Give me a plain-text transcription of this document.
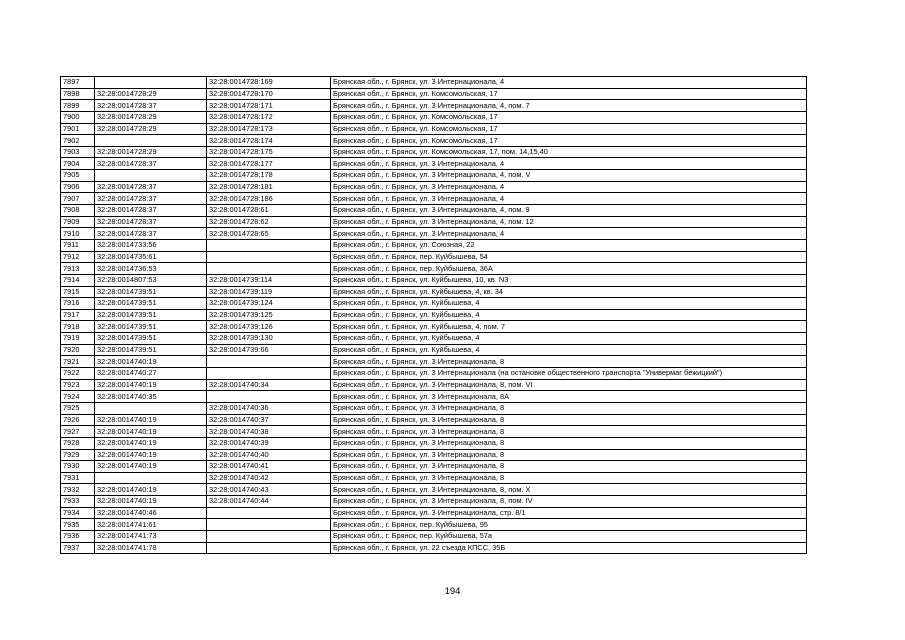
7897		32:28:0014728:169	Брянская обл., г. Брянск, ул. 3 Интернационала, 4
7898	32:28:0014728:29	32:28:0014728:170	Брянская обл., г. Брянск, ул. Комсомольская, 17
7899	32:28:0014728:37	32:28:0014728:171	Брянская обл., г. Брянск, ул. 3 Интернационала, 4, пом. 7
7900	32:28:0014728:29	32:28:0014728:172	Брянская обл., г. Брянск, ул. Комсомольская, 17
7901	32:28:0014728:29	32:28:0014728:173	Брянская обл., г. Брянск, ул. Комсомольская, 17
7902		32:28:0014728:174	Брянская обл., г. Брянск, ул. Комсомольская, 17
7903	32:28:0014728:29	32:28:0014728:175	Брянская обл., г. Брянск, ул. Комсомольская, 17, пом. 14,15,40
7904	32:28:0014728:37	32:28:0014728:177	Брянская обл., г. Брянск, ул. 3 Интернационала, 4
7905		32:28:0014728:178	Брянская обл., г. Брянск, ул. 3 Интернационала, 4, пом. V
7906	32:28:0014728:37	32:28:0014728:181	Брянская обл., г. Брянск, ул. 3 Интернационала, 4
7907	32:28:0014728:37	32:28:0014728:186	Брянская обл., г. Брянск, ул. 3 Интернационала, 4
7908	32:28:0014728:37	32:28:0014728:61	Брянская обл., г. Брянск, ул. 3 Интернационала, 4, пом. 9
7909	32:28:0014728:37	32:28:0014728:62	Брянская обл., г. Брянск, ул. 3 Интернационала, 4, пом. 12
7910	32:28:0014728:37	32:28:0014728:65	Брянская обл., г. Брянск, ул. 3 Интернационала, 4
7911	32:28:0014733:56		Брянская обл., г. Брянск, ул. Союзная, 22
7912	32:28:0014735:61		Брянская обл., г. Брянск, пер. Куйбышева, 54
7913	32:28:0014736:53		Брянская обл., г. Брянск, пер. Куйбышева, 36А
7914	32:28:0014807:53	32:28:0014739:114	Брянская обл., г. Брянск, ул. Куйбышева, 10, кв. N3
7915	32:28:0014739:51	32:28:0014739:119	Брянская обл., г. Брянск, ул. Куйбышева, 4, кв. 34
7916	32:28:0014739:51	32:28:0014739:124	Брянская обл., г. Брянск, ул. Куйбышева, 4
7917	32:28:0014739:51	32:28:0014739:125	Брянская обл., г. Брянск, ул. Куйбышева, 4
7918	32:28:0014739:51	32:28:0014739:126	Брянская обл., г. Брянск, ул. Куйбышева, 4, пом. 7
7919	32:28:0014739:51	32:28:0014739:130	Брянская обл., г. Брянск, ул. Куйбышева, 4
7920	32:28:0014739:51	32:28:0014739:66	Брянская обл., г. Брянск, ул. Куйбышева, 4
7921	32:28:0014740:19		Брянская обл., г. Брянск, ул. 3 Интернационала, 8
7922	32:28:0014740:27		Брянская обл., г. Брянск, ул. 3 Интернационала (на остановке общественного транспорта "Универмаг бежицкий")
7923	32:28:0014740:19	32:28:0014740:34	Брянская обл., г. Брянск, ул. 3 Интернационала, 8, пом. VI
7924	32:28:0014740:35		Брянская обл., г. Брянск, ул. 3 Интернационала, 8А
7925		32:28:0014740:36	Брянская обл., г. Брянск, ул. 3 Интернационала, 8
7926	32:28:0014740:19	32:28:0014740:37	Брянская обл., г. Брянск, ул. 3 Интернационала, 8
7927	32:28:0014740:19	32:28:0014740:38	Брянская обл., г. Брянск, ул. 3 Интернационала, 8
7928	32:28:0014740:19	32:28:0014740:39	Брянская обл., г. Брянск, ул. 3 Интернационала, 8
7929	32:28:0014740:19	32:28:0014740:40	Брянская обл., г. Брянск, ул. 3 Интернационала, 8
7930	32:28:0014740:19	32:28:0014740:41	Брянская обл., г. Брянск, ул. 3 Интернационала, 8
7931		32:28:0014740:42	Брянская обл., г. Брянск, ул. 3 Интернационала, 8
7932	32:28:0014740:19	32:28:0014740:43	Брянская обл., г. Брянск, ул. 3 Интернационала, 8, пом. X
7933	32:28:0014740:19	32:28:0014740:44	Брянская обл., г. Брянск, ул. 3 Интернационала, 8, пом. IV
7934	32:28:0014740:46		Брянская обл., г. Брянск, ул. 3 Интернационала, стр. 8/1
7935	32:28:0014741:61		Брянская обл., г. Брянск, пер. Куйбышева, 95
7936	32:28:0014741:73		Брянская обл., г. Брянск, пер. Куйбышева, 57а
7937	32:28:0014741:78		Брянская обл., г. Брянск, ул. 22 съезда КПСС, 35Б
194
